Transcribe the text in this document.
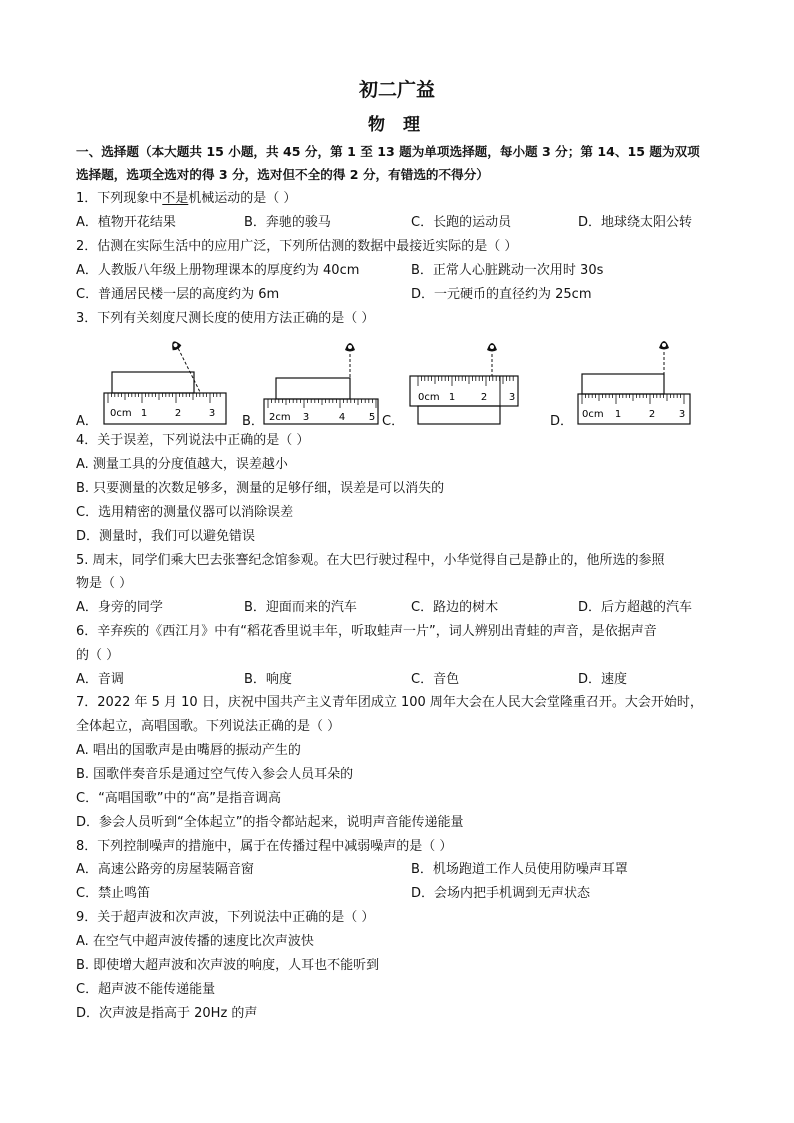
初二广益
物 理
一、选择题（本大题共 15 小题，共 45 分，第 1 至 13 题为单项选择题，每小题 3 分；第 14、15 题为双项
选择题，选项全选对的得 3 分，选对但不全的得 2 分，有错选的不得分）
1．下列现象中不是机械运动的是（ ）
A．植物开花结果	B．奔驰的骏马	C．长跑的运动员	D．地球绕太阳公转
2．估测在实际生活中的应用广泛，下列所估测的数据中最接近实际的是（ ）
A．人教版八年级上册物理课本的厚度约为 40cm	B．正常人心脏跳动一次用时 30s
C．普通居民楼一层的高度约为 6m	D．一元硬币的直径约为 25cm
3．下列有关刻度尺测长度的使用方法正确的是（ ）
A．
0cm 1	2	3
B． 2cm 3	4 5 C．
0cm 1	2 3
D． 0cm 1	2 3
4．关于误差，下列说法中正确的是（ ）
A. 测量工具的分度值越大，误差越小
B. 只要测量的次数足够多，测量的足够仔细，误差是可以消失的
C．选用精密的测量仪器可以消除误差
D．测量时，我们可以避免错误
5. 周末，同学们乘大巴去张謇纪念馆参观。在大巴行驶过程中，小华觉得自己是静止的，他所选的参照
物是（ ）
A．身旁的同学	B．迎面而来的汽车	C．路边的树木	D．后方超越的汽车
6．辛弃疾的《西江月》中有“稻花香里说丰年，听取蛙声一片”，词人辨别出青蛙的声音，是依据声音
的（ ）
A．音调	B．响度	C．音色	D．速度
7．2022 年 5 月 10 日，庆祝中国共产主义青年团成立 100 周年大会在人民大会堂隆重召开。大会开始时，
全体起立，高唱国歌。下列说法正确的是（ ）
A. 唱出的国歌声是由嘴唇的振动产生的
B. 国歌伴奏音乐是通过空气传入参会人员耳朵的
C．“高唱国歌”中的“高”是指音调高
D．参会人员听到“全体起立”的指令都站起来，说明声音能传递能量
8．下列控制噪声的措施中，属于在传播过程中减弱噪声的是（ ）
A．高速公路旁的房屋装隔音窗	B．机场跑道工作人员使用防噪声耳罩
C．禁止鸣笛	D．会场内把手机调到无声状态
9．关于超声波和次声波，下列说法中正确的是（ ）
A. 在空气中超声波传播的速度比次声波快
B. 即使增大超声波和次声波的响度，人耳也不能听到
C．超声波不能传递能量
D．次声波是指高于 20Hz 的声
